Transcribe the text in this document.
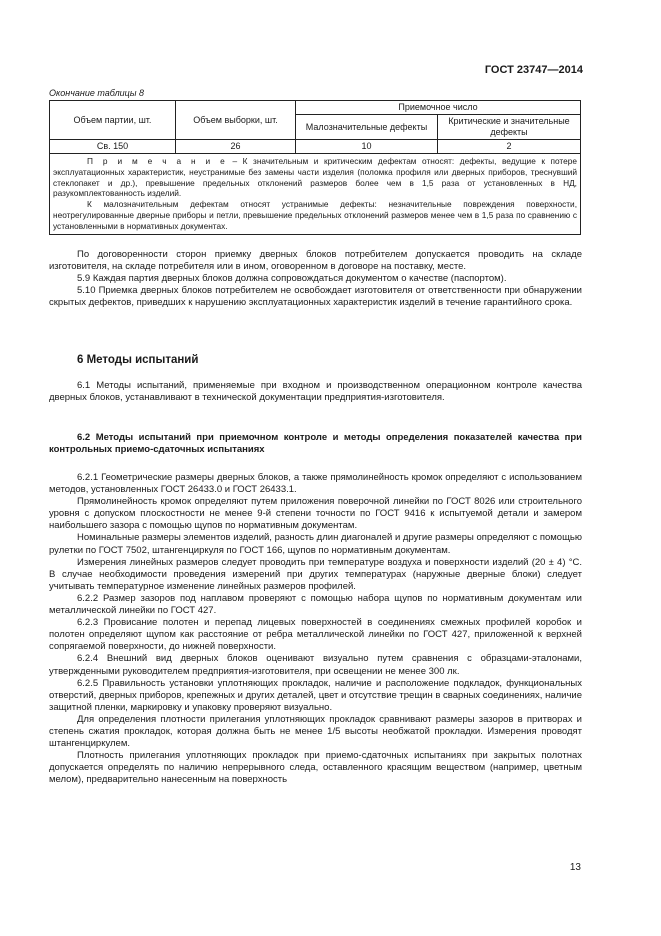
ГОСТ 23747—2014
Окончание таблицы 8
Объем партии, шт.	Объем выборки, шт.	Приемочное число	
		Малозначительные дефекты	Критические и значительные дефекты
Св. 150	26	10	2

П р и м е ч а н и е – К значительным и критическим дефектам относят: дефекты, ведущие к потере эксплуатационных характеристик, неустранимые без замены части изделия (поломка профиля или дверных приборов, треснувший стеклопакет и др.), превышение предельных отклонений размеров более чем в 1,5 раза от установленных в НД, разукомплектованность изделий.

К малозначительным дефектам относят устранимые дефекты: незначительные повреждения поверхности, неотрегулированные дверные приборы и петли, превышение предельных отклонений размеров менее чем в 1,5 раза по сравнению с установленными в нормативных документах.			

По договоренности сторон приемку дверных блоков потребителем допускается проводить на складе изготовителя, на складе потребителя или в ином, оговоренном в договоре на поставку, месте.

5.9 Каждая партия дверных блоков должна сопровождаться документом о качестве (паспортом).

5.10 Приемка дверных блоков потребителем не освобождает изготовителя от ответственности при обнаружении скрытых дефектов, приведших к нарушению эксплуатационных характеристик изделий в течение гарантийного срока.

6 Методы испытаний

6.1 Методы испытаний, применяемые при входном и производственном операционном контроле качества дверных блоков, устанавливают в технической документации предприятия-изготовителя.

6.2 Методы испытаний при приемочном контроле и методы определения показателей качества при контрольных приемо-сдаточных испытаниях

6.2.1 Геометрические размеры дверных блоков, а также прямолинейность кромок определяют с использованием методов, установленных ГОСТ 26433.0 и ГОСТ 26433.1.

Прямолинейность кромок определяют путем приложения поверочной линейки по ГОСТ 8026 или строительного уровня с допуском плоскостности не менее 9-й степени точности по ГОСТ 9416 к испытуемой детали и замером наибольшего зазора с помощью щупов по нормативным документам.

Номинальные размеры элементов изделий, разность длин диагоналей и другие размеры определяют с помощью рулетки по ГОСТ 7502, штангенциркуля по ГОСТ 166, щупов по нормативным документам.

Измерения линейных размеров следует проводить при температуре воздуха и поверхности изделий (20 ± 4) °С. В случае необходимости проведения измерений при других температурах (наружные дверные блоки) следует учитывать температурное изменение линейных размеров профилей.

6.2.2 Размер зазоров под наплавом проверяют с помощью набора щупов по нормативным документам или металлической линейки по ГОСТ 427.

6.2.3 Провисание полотен и перепад лицевых поверхностей в соединениях смежных профилей коробок и полотен определяют щупом как расстояние от ребра металлической линейки по ГОСТ 427, приложенной к верхней сопрягаемой поверхности, до нижней поверхности.

6.2.4 Внешний вид дверных блоков оценивают визуально путем сравнения с образцами-эталонами, утвержденными руководителем предприятия-изготовителя, при освещении не менее 300 лк.

6.2.5 Правильность установки уплотняющих прокладок, наличие и расположение подкладок, функциональных отверстий, дверных приборов, крепежных и других деталей, цвет и отсутствие трещин в сварных соединениях, наличие защитной пленки, маркировку и упаковку проверяют визуально.

Для определения плотности прилегания уплотняющих прокладок сравнивают размеры зазоров в притворах и степень сжатия прокладок, которая должна быть не менее 1/5 высоты необжатой прокладки. Измерения проводят штангенциркулем.

Плотность прилегания уплотняющих прокладок при приемо-сдаточных испытаниях при закрытых полотнах допускается определять по наличию непрерывного следа, оставленного красящим веществом (например, цветным мелом), предварительно нанесенным на поверхность

13
